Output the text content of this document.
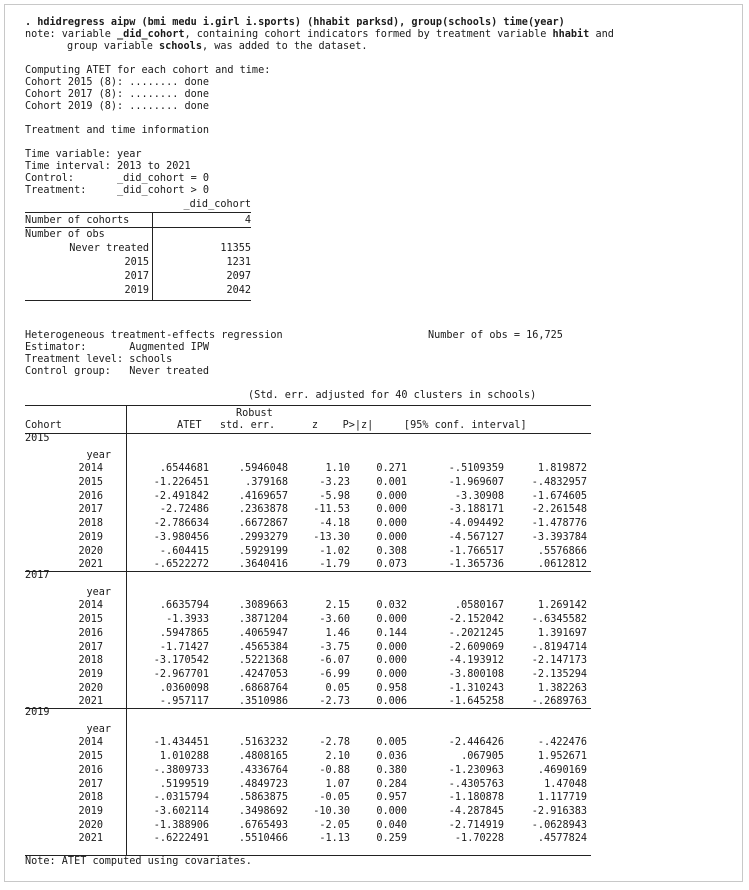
. hdidregress aipw (bmi medu i.girl i.sports) (hhabit parksd), group(schools) time(year)
note: variable _did_cohort, containing cohort indicators formed by treatment variable hhabit and
group variable schools, was added to the dataset.
Computing ATET for each cohort and time:
Cohort 2015 (8): ........ done
Cohort 2017 (8): ........ done
Cohort 2019 (8): ........ done
Treatment and time information
Time variable: year
Time interval: 2013 to 2021
Control:       _did_cohort = 0
Treatment:     _did_cohort > 0
_did_cohort
Number of cohorts	4
Number of obs
Never treated	11355
2015	1231
2017	2097
2019	2042
Heterogeneous treatment-effects regression	Number of obs = 16,725
Estimator:       Augmented IPW
Treatment level: schools
Control group:   Never treated
(Std. err. adjusted for 40 clusters in schools)
Robust
Cohort	ATET   std. err.      z    P>|z|     [95% conf. interval]
2015
year
2014	.6544681	.5946048	1.10	0.271	-.5109359	1.819872
2015	-1.226451	.379168	-3.23	0.001	-1.969607	-.4832957
2016	-2.491842	.4169657	-5.98	0.000	-3.30908	-1.674605
2017	-2.72486	.2363878	-11.53	0.000	-3.188171	-2.261548
2018	-2.786634	.6672867	-4.18	0.000	-4.094492	-1.478776
2019	-3.980456	.2993279	-13.30	0.000	-4.567127	-3.393784
2020	-.604415	.5929199	-1.02	0.308	-1.766517	.5576866
2021	-.6522272	.3640416	-1.79	0.073	-1.365736	.0612812
2017
year
2014	.6635794	.3089663	2.15	0.032	.0580167	1.269142
2015	-1.3933	.3871204	-3.60	0.000	-2.152042	-.6345582
2016	.5947865	.4065947	1.46	0.144	-.2021245	1.391697
2017	-1.71427	.4565384	-3.75	0.000	-2.609069	-.8194714
2018	-3.170542	.5221368	-6.07	0.000	-4.193912	-2.147173
2019	-2.967701	.4247053	-6.99	0.000	-3.800108	-2.135294
2020	.0360098	.6868764	0.05	0.958	-1.310243	1.382263
2021	-.957117	.3510986	-2.73	0.006	-1.645258	-.2689763
2019
year
2014	-1.434451	.5163232	-2.78	0.005	-2.446426	-.422476
2015	1.010288	.4808165	2.10	0.036	.067905	1.952671
2016	-.3809733	.4336764	-0.88	0.380	-1.230963	.4690169
2017	.5199519	.4849723	1.07	0.284	-.4305763	1.47048
2018	-.0315794	.5863875	-0.05	0.957	-1.180878	1.117719
2019	-3.602114	.3498692	-10.30	0.000	-4.287845	-2.916383
2020	-1.388906	.6765493	-2.05	0.040	-2.714919	-.0628943
2021	-.6222491	.5510466	-1.13	0.259	-1.70228	.4577824
Note: ATET computed using covariates.
